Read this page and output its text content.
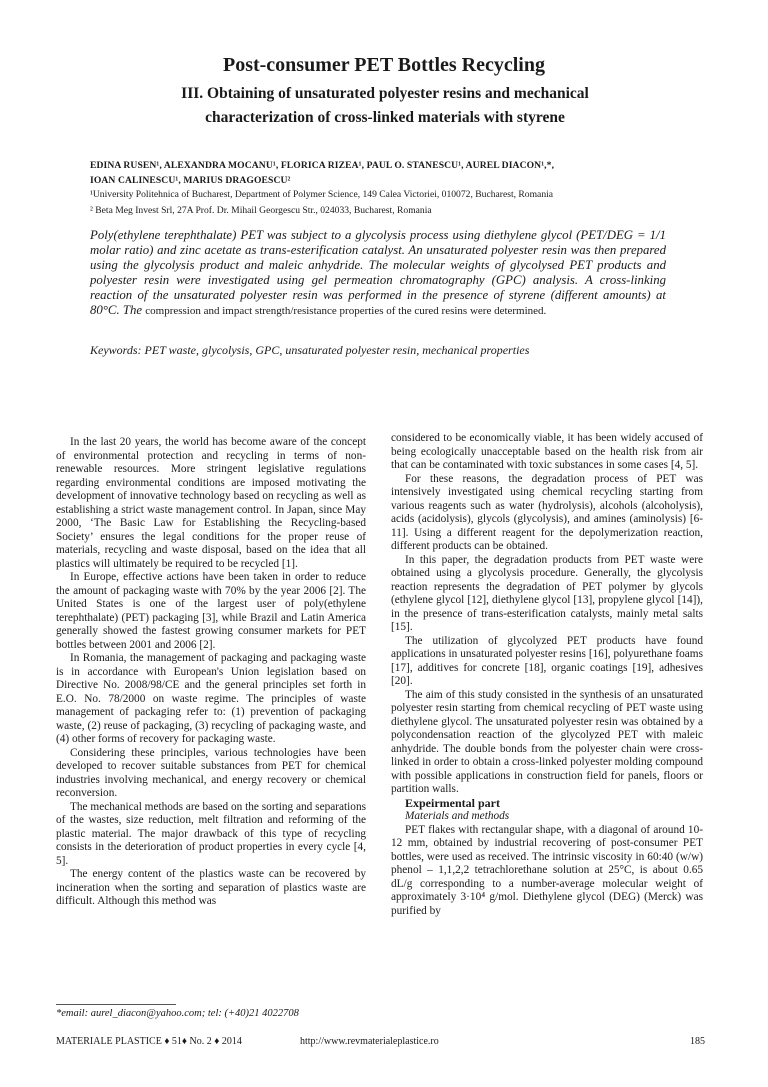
Post-consumer PET Bottles Recycling
III. Obtaining of unsaturated polyester resins and mechanical
characterization of cross-linked materials with styrene
EDINA RUSEN¹, ALEXANDRA MOCANU¹, FLORICA RIZEA¹, PAUL O. STANESCU¹, AUREL DIACON¹,*,
IOAN CALINESCU¹, MARIUS DRAGOESCU²
¹University Politehnica of Bucharest, Department of Polymer Science, 149 Calea Victoriei, 010072, Bucharest, Romania
² Beta Meg Invest Srl, 27A Prof. Dr. Mihail Georgescu Str., 024033, Bucharest, Romania
Poly(ethylene terephthalate) PET was subject to a glycolysis process using diethylene glycol (PET/DEG = 1/1 molar ratio) and zinc acetate as trans-esterification catalyst. An unsaturated polyester resin was then prepared using the glycolysis product and maleic anhydride. The molecular weights of glycolysed PET products and polyester resin were investigated using gel permeation chromatography (GPC) analysis. A cross-linking reaction of the unsaturated polyester resin was performed in the presence of styrene (different amounts) at 80°C. The compression and impact strength/resistance properties of the cured resins were determined.
Keywords: PET waste, glycolysis, GPC, unsaturated polyester resin, mechanical properties

In the last 20 years, the world has become aware of the concept of environmental protection and recycling in terms of non-renewable resources. More stringent legislative regulations regarding environmental conditions are imposed motivating the development of innovative technology based on recycling as well as establishing a strict waste management control. In Japan, since May 2000, ‘The Basic Law for Establishing the Recycling-based Society’ ensures the legal conditions for the proper reuse of materials, recycling and waste disposal, based on the idea that all plastics will ultimately be required to be recycled [1].

In Europe, effective actions have been taken in order to reduce the amount of packaging waste with 70% by the year 2006 [2]. The United States is one of the largest user of poly(ethylene terephthalate) (PET) packaging [3], while Brazil and Latin America generally showed the fastest growing consumer markets for PET bottles between 2001 and 2006 [2].

In Romania, the management of packaging and packaging waste is in accordance with European's Union legislation based on Directive No. 2008/98/CE and the general principles set forth in E.O. No. 78/2000 on waste regime. The principles of waste management of packaging refer to: (1) prevention of packaging waste, (2) reuse of packaging, (3) recycling of packaging waste, and (4) other forms of recovery for packaging waste.

Considering these principles, various technologies have been developed to recover suitable substances from PET for chemical industries involving mechanical, and energy recovery or chemical reconversion.

The mechanical methods are based on the sorting and separations of the wastes, size reduction, melt filtration and reforming of the plastic material. The major drawback of this type of recycling consists in the deterioration of product properties in every cycle [4, 5].

The energy content of the plastics waste can be recovered by incineration when the sorting and separation of plastics waste are difficult. Although this method was

considered to be economically viable, it has been widely accused of being ecologically unacceptable based on the health risk from air that can be contaminated with toxic substances in some cases [4, 5].

For these reasons, the degradation process of PET was intensively investigated using chemical recycling starting from various reagents such as water (hydrolysis), alcohols (alcoholysis), acids (acidolysis), glycols (glycolysis), and amines (aminolysis) [6-11]. Using a different reagent for the depolymerization reaction, different products can be obtained.

In this paper, the degradation products from PET waste were obtained using a glycolysis procedure. Generally, the glycolysis reaction represents the degradation of PET polymer by glycols (ethylene glycol [12], diethylene glycol [13], propylene glycol [14]), in the presence of trans-esterification catalysts, mainly metal salts [15].

The utilization of glycolyzed PET products have found applications in unsaturated polyester resins [16], polyurethane foams [17], additives for concrete [18], organic coatings [19], adhesives [20].

The aim of this study consisted in the synthesis of an unsaturated polyester resin starting from chemical recycling of PET waste using diethylene glycol. The unsaturated polyester resin was obtained by a polycondensation reaction of the glycolyzed PET with maleic anhydride. The double bonds from the polyester chain were cross-linked in order to obtain a cross-linked polyester molding compound with possible applications in construction field for panels, floors or partition walls.

Expeirmental part

Materials and methods

PET flakes with rectangular shape, with a diagonal of around 10-12 mm, obtained by industrial recovering of post-consumer PET bottles, were used as received. The intrinsic viscosity in 60:40 (w/w) phenol – 1,1,2,2 tetrachlorethane solution at 25°C, is about 0.65 dL/g corresponding to a number-average molecular weight of approximately 3·10⁴ g/mol. Diethylene glycol (DEG) (Merck) was purified by

*email: aurel_diacon@yahoo.com; tel: (+40)21 4022708
MATERIALE PLASTICE ♦ 51♦ No. 2 ♦ 2014	http://www.revmaterialeplastice.ro	185
